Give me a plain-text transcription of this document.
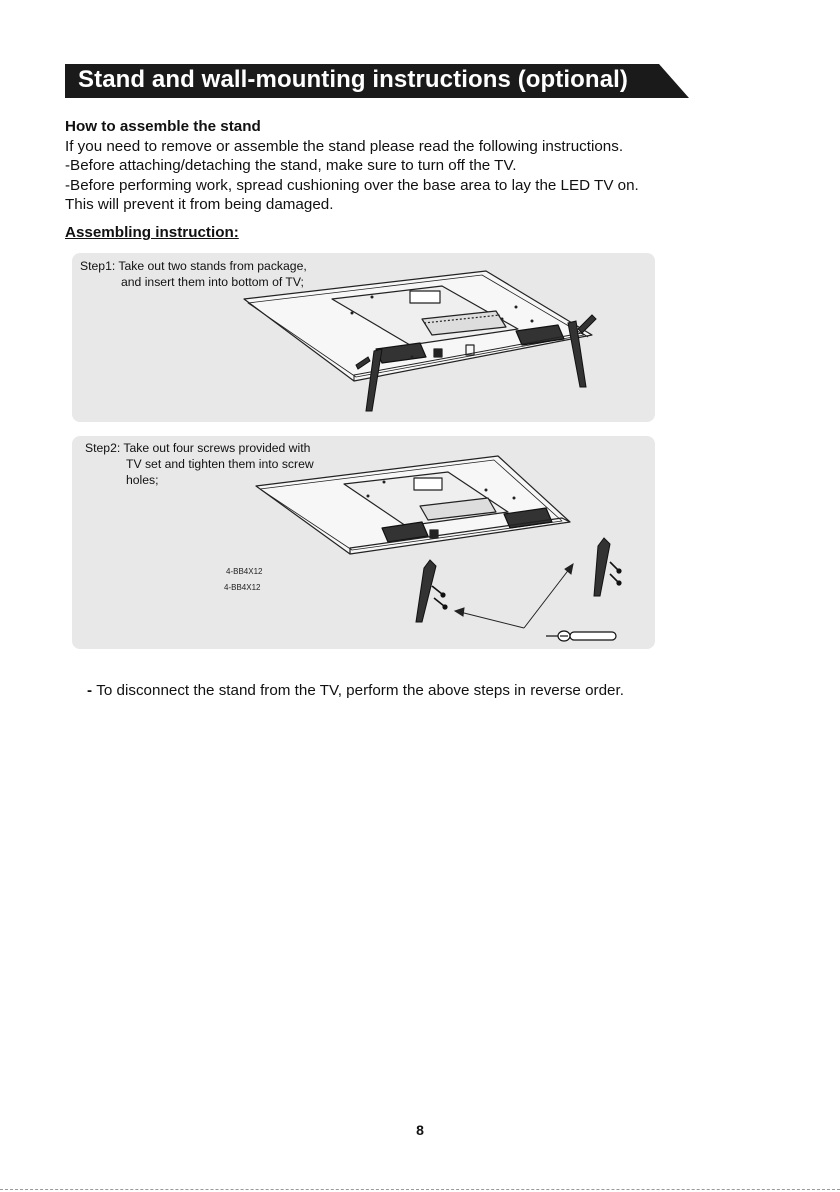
Stand and wall-mounting instructions (optional)
How to assemble the stand
If you need to remove or assemble the stand please read the following instructions.
-Before attaching/detaching the stand, make sure to turn off the TV.
-Before performing work, spread cushioning over the base area to lay the LED TV on.
This will prevent it from being damaged.
Assembling instruction:
Step1: Take out two stands from package,
and insert them into bottom of TV;
Step2: Take out four screws provided with
TV set and tighten them into screw
holes;
4-BB4X12
4-BB4X12
- To disconnect the stand from the TV, perform the above steps in reverse order.
8
